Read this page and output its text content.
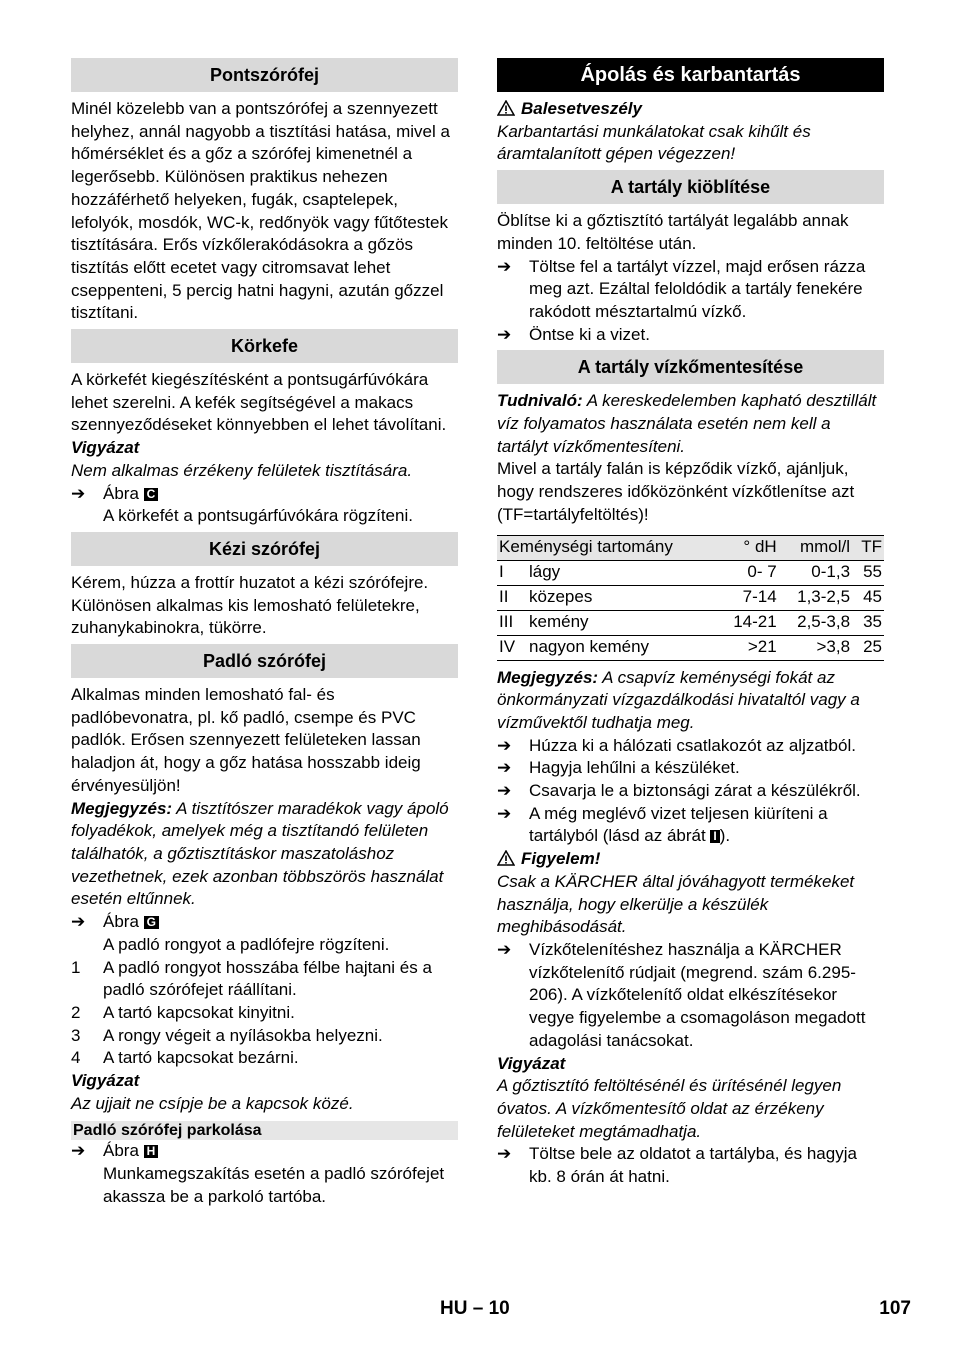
Pontszórófej

Minél közelebb van a pontszórófej a szennyezett helyhez, annál nagyobb a tisztítási hatása, mivel a hőmérséklet és a gőz a szórófej kimenetnél a legerősebb. Különösen praktikus nehezen hozzáférhető helyeken, fugák, csaptelepek, lefolyók, mosdók, WC-k, redőnyök vagy fűtőtestek tisztítására. Erős vízkőlerakódásokra a gőzös tisztítás előtt ecetet vagy citromsavat lehet cseppenteni, 5 percig hatni hagyni, azután gőzzel tisztítani.

Körkefe

A körkefét kiegészítésként a pontsugárfúvókára lehet szerelni. A kefék segítségével a makacs szennyeződéseket könnyebben el lehet távolítani.

Vigyázat

Nem alkalmas érzékeny felületek tisztítására.

➔ Ábra C
A körkefét a pontsugárfúvókára rögzíteni.
Kézi szórófej

Kérem, húzza a frottír huzatot a kézi szórófejre. Különösen alkalmas kis lemosható felületekre, zuhanykabinokra, tükörre.

Padló szórófej

Alkalmas minden lemosható fal- és padlóbevonatra, pl. kő padló, csempe és PVC padlók. Erősen szennyezett felületeken lassan haladjon át, hogy a gőz hatása hosszabb ideig érvényesüljön!

Megjegyzés: A tisztítószer maradékok vagy ápoló folyadékok, amelyek még a tisztítandó felületen találhatók, a gőztisztításkor maszatoláshoz vezethetnek, ezek azonban többszörös használat esetén eltűnnek.

➔ Ábra G
A padló rongyot a padlófejre rögzíteni.
1 A padló rongyot hosszába félbe hajtani és a padló szórófejet ráállítani.
2 A tartó kapcsokat kinyitni.
3 A rongy végeit a nyílásokba helyezni.
4 A tartó kapcsokat bezárni.

Vigyázat

Az ujjait ne csípje be a kapcsok közé.

Padló szórófej parkolása
➔ Ábra H
Munkamegszakítás esetén a padló szórófejet akassza be a parkoló tartóba.
Ápolás és karbantartás

Balesetveszély

Karbantartási munkálatokat csak kihűlt és áramtalanított gépen végezzen!

A tartály kiöblítése

Öblítse ki a gőztisztító tartályát legalább annak minden 10. feltöltése után.

➔ Töltse fel a tartályt vízzel, majd erősen rázza meg azt. Ezáltal feloldódik a tartály fenekére rakódott mésztartalmú vízkő.
➔ Öntse ki a vizet.
A tartály vízkőmentesítése

Tudnivaló: A kereskedelemben kapható desztillált víz folyamatos használata esetén nem kell a tartályt vízkőmentesíteni.

Mivel a tartály falán is képződik vízkő, ajánljuk, hogy rendszeres időközönként vízkőtlenítse azt (TF=tartályfeltöltés)!

Keménységi tartomány		° dH	mmol/l	TF
I	lágy	0- 7	0-1,3	55
II	közepes	7-14	1,3-2,5	45
III	kemény	14-21	2,5-3,8	35
IV	nagyon kemény	>21	>3,8	25

Megjegyzés: A csapvíz keménységi fokát az önkormányzati vízgazdálkodási hivataltól vagy a vízművektől tudhatja meg.

➔ Húzza ki a hálózati csatlakozót az aljzatból.
➔ Hagyja lehűlni a készüléket.
➔ Csavarja le a biztonsági zárat a készülékről.
➔ A még meglévő vizet teljesen kiüríteni a tartályból (lásd az ábrát I ).

Figyelem!

Csak a KÄRCHER által jóváhagyott termékeket használja, hogy elkerülje a készülék meghibásodását.

➔ Vízkőtelenítéshez használja a KÄRCHER vízkőtelenítő rúdjait (megrend. szám 6.295-206). A vízkőtelenítő oldat elkészítésekor vegye figyelembe a csomagoláson megadott adagolási tanácsokat.

Vigyázat

A gőztisztító feltöltésénél és ürítésénél legyen óvatos. A vízkőmentesítő oldat az érzékeny felületeket megtámadhatja.

➔ Töltse bele az oldatot a tartályba, és hagyja kb. 8 órán át hatni.
HU – 10	107
